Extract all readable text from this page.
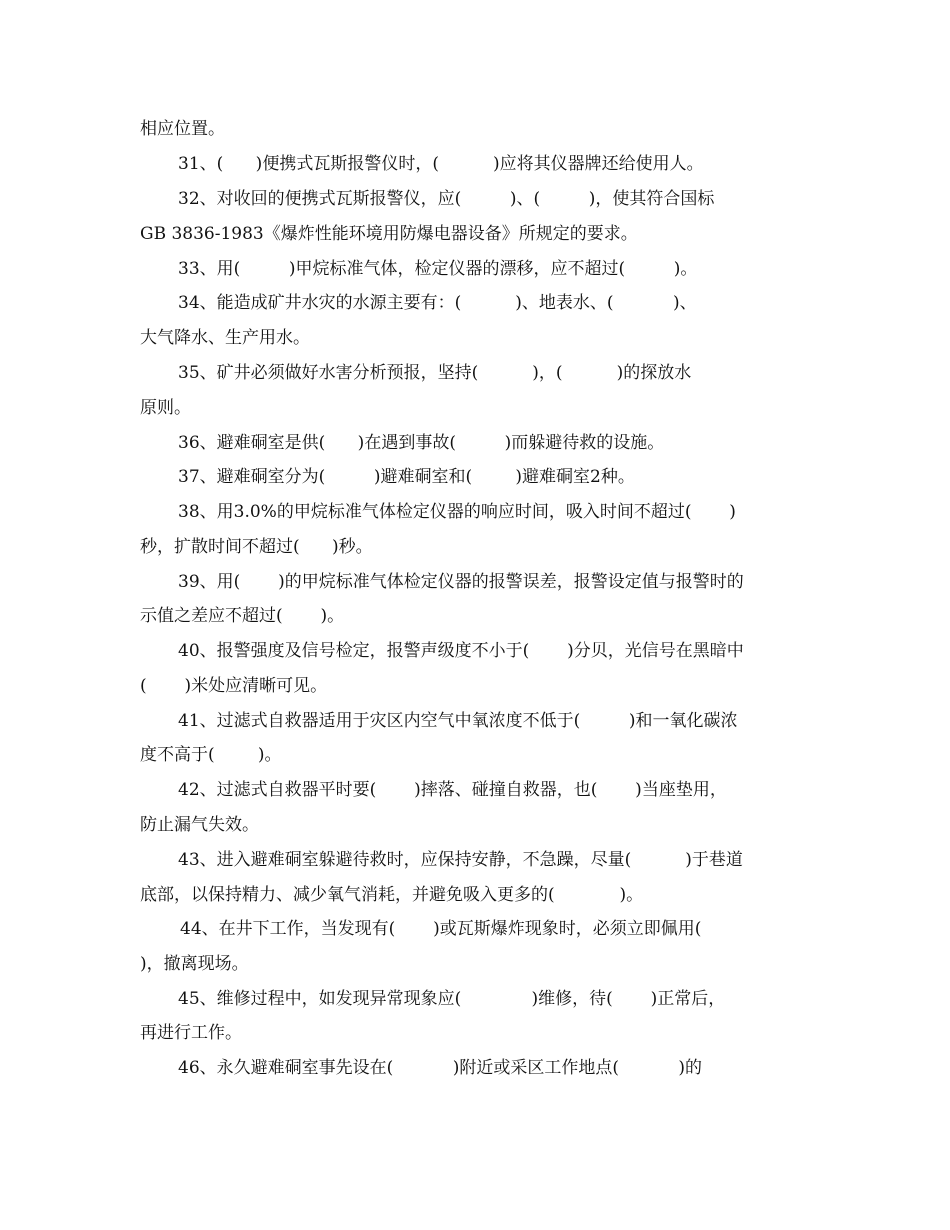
相应位置。
31、(      )便携式瓦斯报警仪时，(          )应将其仪器牌还给使用人。
32、对收回的便携式瓦斯报警仪，应(         )、(         )，使其符合国标
GB 3836-1983《爆炸性能环境用防爆电器设备》所规定的要求。
33、用(         )甲烷标准气体，检定仪器的漂移，应不超过(         )。
34、能造成矿井水灾的水源主要有：(          )、地表水、(           )、
大气降水、生产用水。
35、矿井必须做好水害分析预报，坚持(          )，(          )的探放水
原则。
36、避难硐室是供(      )在遇到事故(         )而躲避待救的设施。
37、避难硐室分为(         )避难硐室和(        )避难硐室2种。
38、用3.0%的甲烷标准气体检定仪器的响应时间，吸入时间不超过(       )
秒，扩散时间不超过(      )秒。
39、用(       )的甲烷标准气体检定仪器的报警误差，报警设定值与报警时的
示值之差应不超过(       )。
40、报警强度及信号检定，报警声级度不小于(       )分贝，光信号在黑暗中
(       )米处应清晰可见。
41、过滤式自救器适用于灾区内空气中氧浓度不低于(         )和一氧化碳浓
度不高于(        )。
42、过滤式自救器平时要(       )摔落、碰撞自救器，也(       )当座垫用，
防止漏气失效。
43、进入避难硐室躲避待救时，应保持安静，不急躁，尽量(          )于巷道
底部，以保持精力、减少氧气消耗，并避免吸入更多的(            )。
44、在井下工作，当发现有(       )或瓦斯爆炸现象时，必须立即佩用(
)，撤离现场。
45、维修过程中，如发现异常现象应(             )维修，待(       )正常后，
再进行工作。
46、永久避难硐室事先设在(           )附近或采区工作地点(           )的
